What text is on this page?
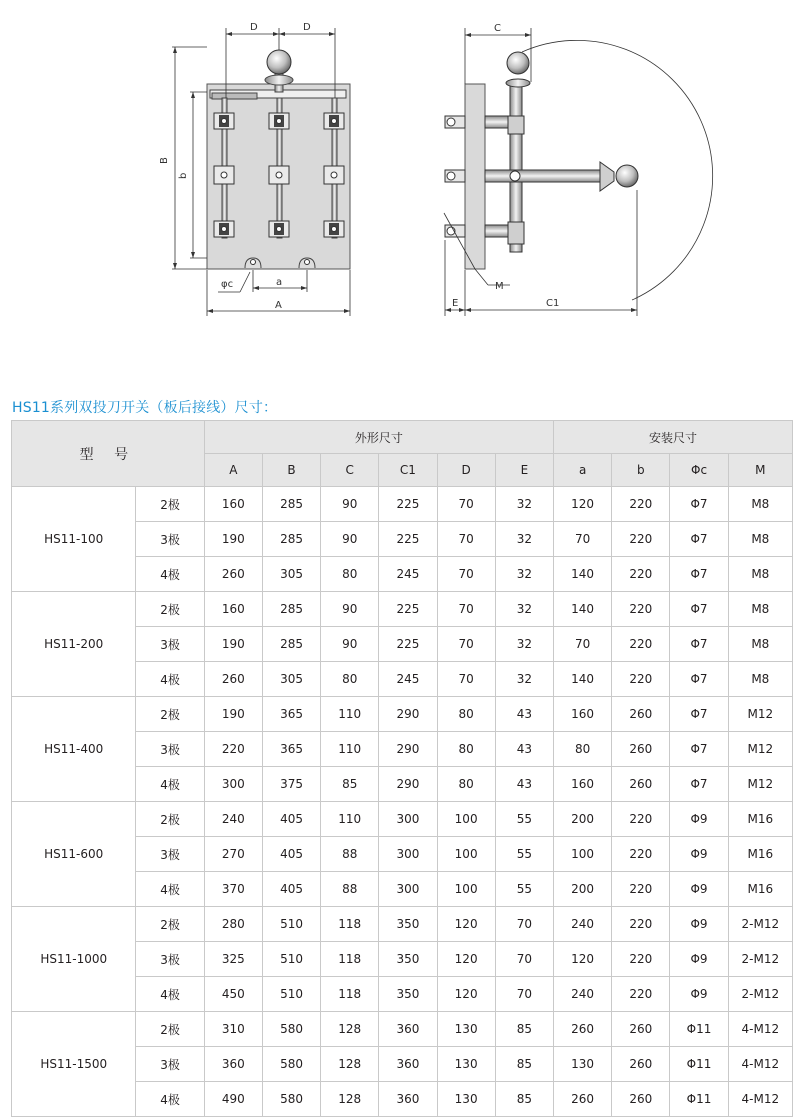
D	D
B
b
φc	a
A
C
M
E	C1
HS11系列双投刀开关（板后接线）尺寸：
型 号		外形尺寸						安装尺寸			
		A	B	C	C1	D	E	a	b	Φc	M
HS11-100	2极	160	285	90	225	70	32	120	220	Φ7	M8
	3极	190	285	90	225	70	32	70	220	Φ7	M8
	4极	260	305	80	245	70	32	140	220	Φ7	M8
HS11-200	2极	160	285	90	225	70	32	140	220	Φ7	M8
	3极	190	285	90	225	70	32	70	220	Φ7	M8
	4极	260	305	80	245	70	32	140	220	Φ7	M8
HS11-400	2极	190	365	110	290	80	43	160	260	Φ7	M12
	3极	220	365	110	290	80	43	80	260	Φ7	M12
	4极	300	375	85	290	80	43	160	260	Φ7	M12
HS11-600	2极	240	405	110	300	100	55	200	220	Φ9	M16
	3极	270	405	88	300	100	55	100	220	Φ9	M16
	4极	370	405	88	300	100	55	200	220	Φ9	M16
HS11-1000	2极	280	510	118	350	120	70	240	220	Φ9	2-M12
	3极	325	510	118	350	120	70	120	220	Φ9	2-M12
	4极	450	510	118	350	120	70	240	220	Φ9	2-M12
HS11-1500	2极	310	580	128	360	130	85	260	260	Φ11	4-M12
	3极	360	580	128	360	130	85	130	260	Φ11	4-M12
	4极	490	580	128	360	130	85	260	260	Φ11	4-M12
